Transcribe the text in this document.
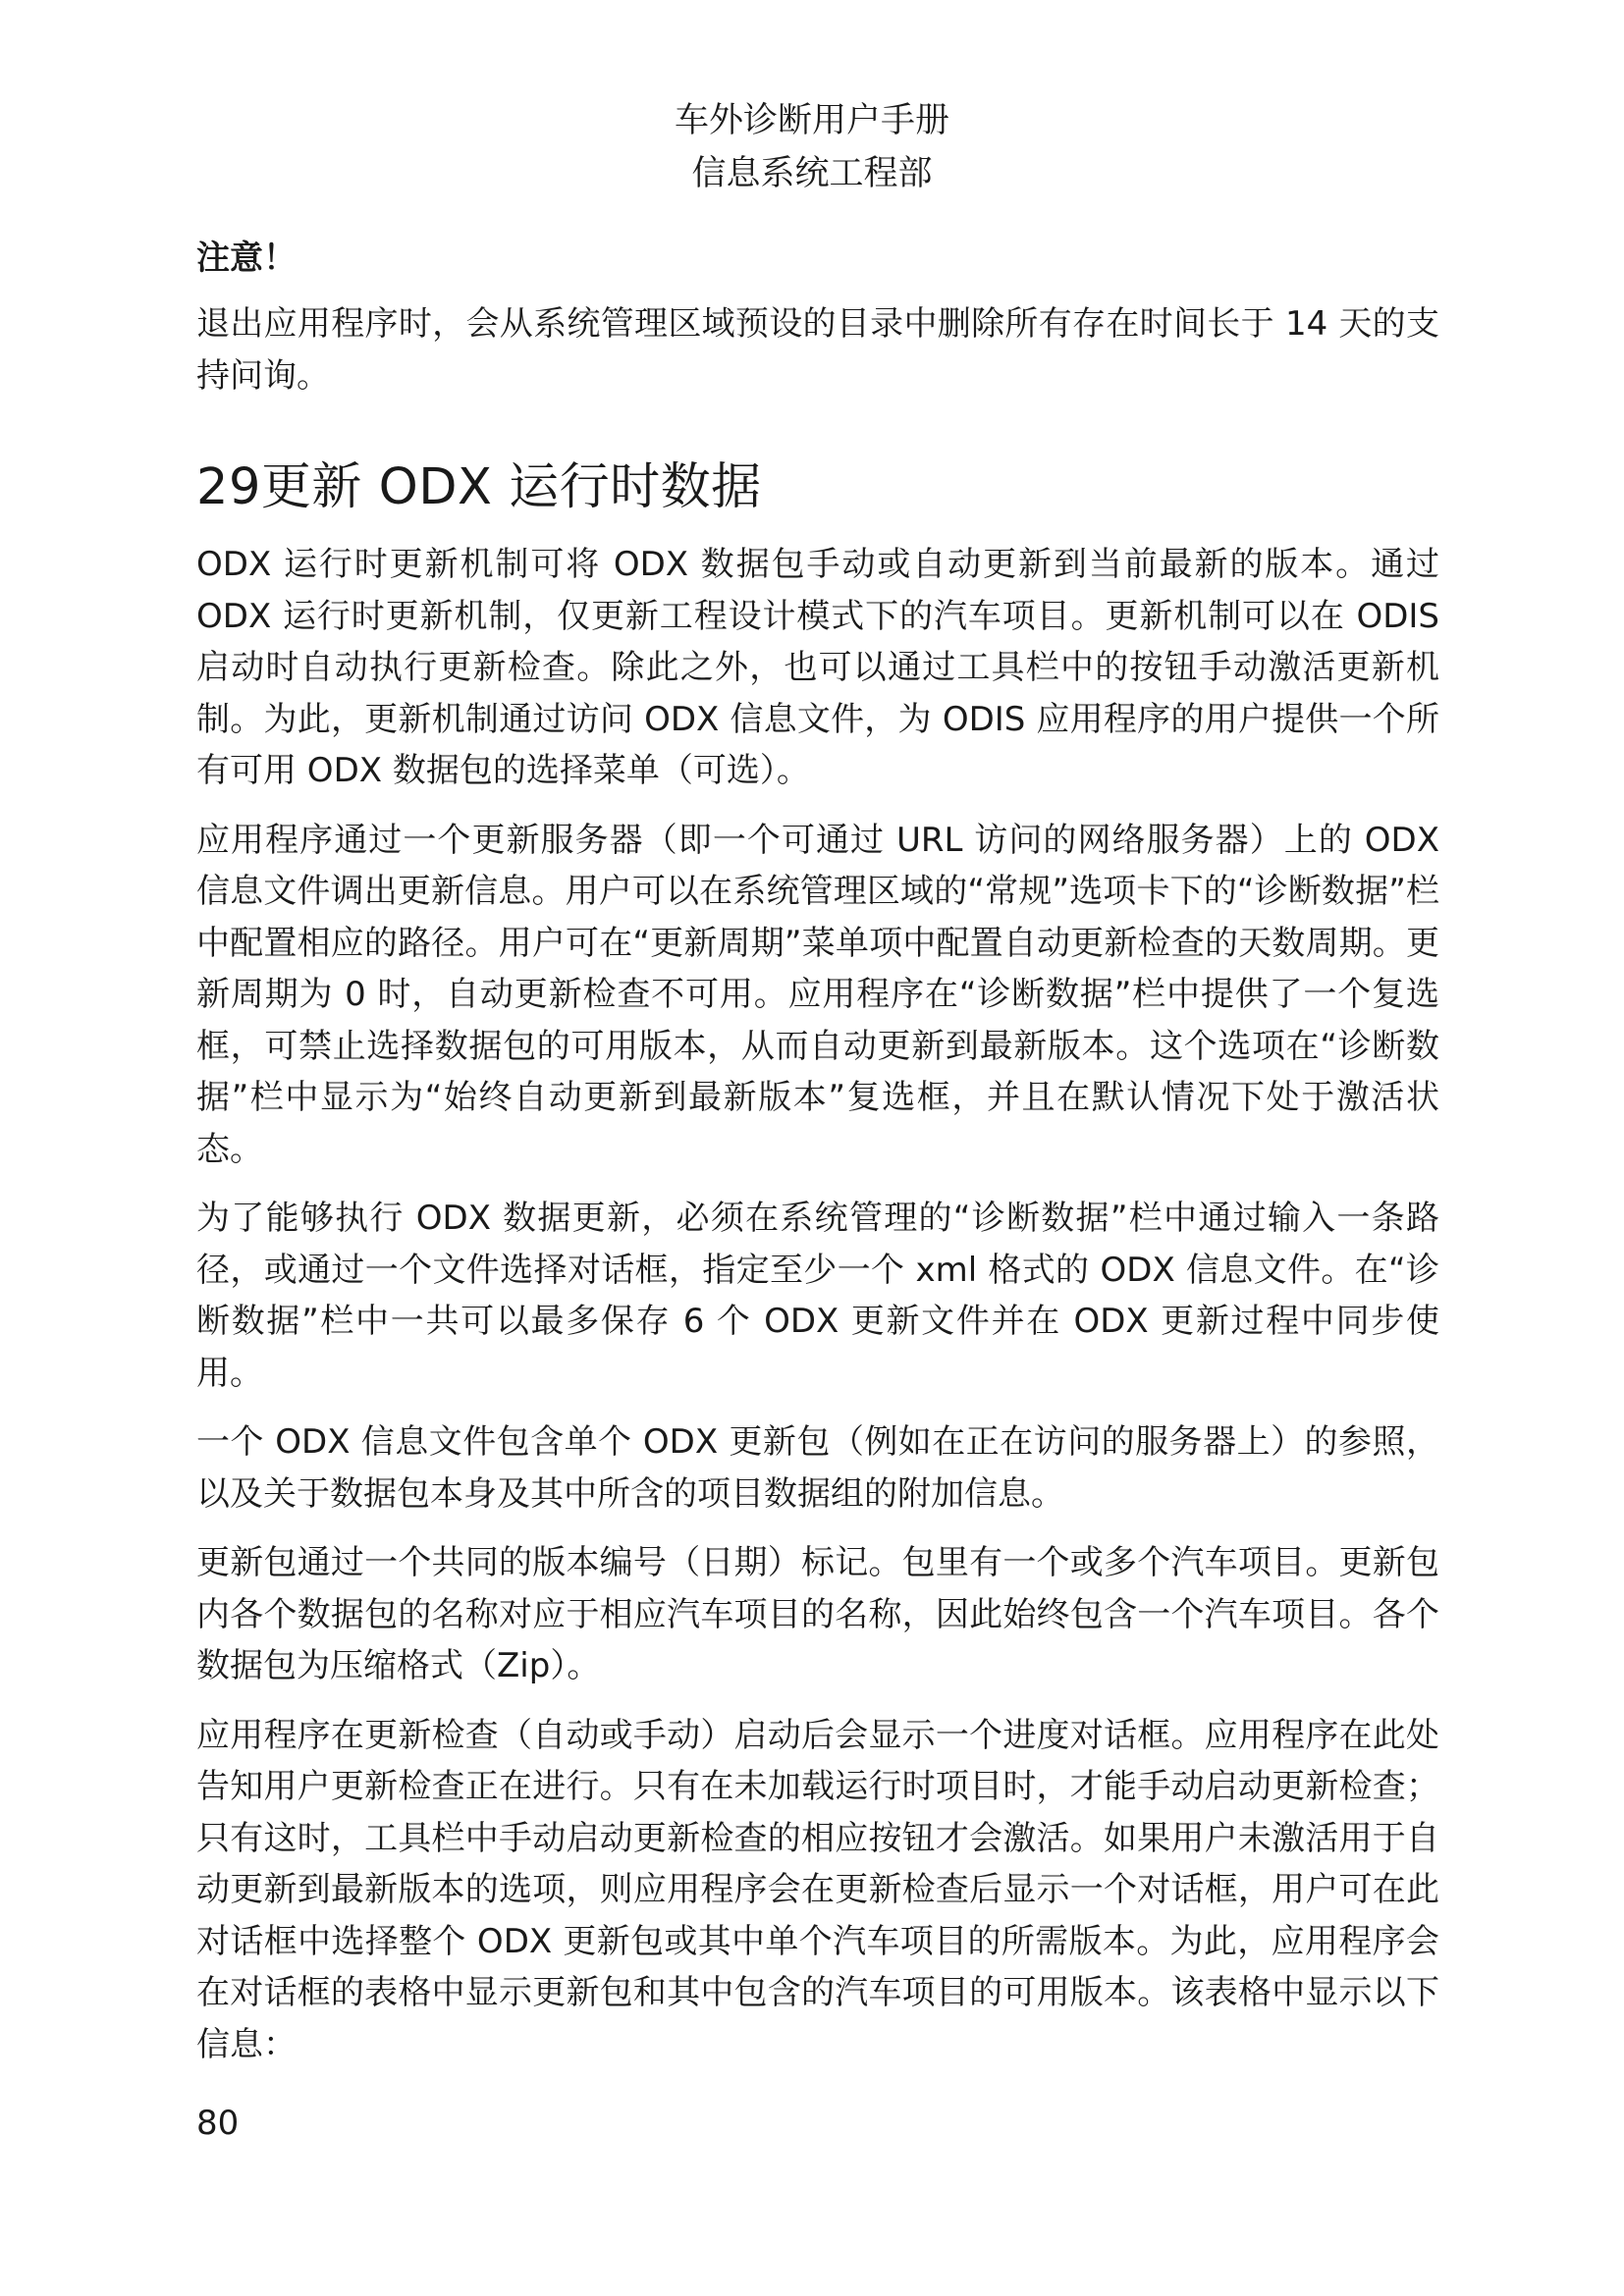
车外诊断用户手册
信息系统工程部
注意！

退出应用程序时，会从系统管理区域预设的目录中删除所有存在时间长于 14 天的支持问询。

29更新 ODX 运行时数据

ODX 运行时更新机制可将 ODX 数据包手动或自动更新到当前最新的版本。通过 ODX 运行时更新机制，仅更新工程设计模式下的汽车项目。更新机制可以在 ODIS 启动时自动执行更新检查。除此之外，也可以通过工具栏中的按钮手动激活更新机制。为此，更新机制通过访问 ODX 信息文件，为 ODIS 应用程序的用户提供一个所有可用 ODX 数据包的选择菜单（可选）。

应用程序通过一个更新服务器（即一个可通过 URL 访问的网络服务器）上的 ODX 信息文件调出更新信息。用户可以在系统管理区域的“常规”选项卡下的“诊断数据”栏中配置相应的路径。用户可在“更新周期”菜单项中配置自动更新检查的天数周期。更新周期为 0 时，自动更新检查不可用。应用程序在“诊断数据”栏中提供了一个复选框，可禁止选择数据包的可用版本，从而自动更新到最新版本。这个选项在“诊断数据”栏中显示为“始终自动更新到最新版本”复选框，并且在默认情况下处于激活状态。

为了能够执行 ODX 数据更新，必须在系统管理的“诊断数据”栏中通过输入一条路径，或通过一个文件选择对话框，指定至少一个 xml 格式的 ODX 信息文件。在“诊断数据”栏中一共可以最多保存 6 个 ODX 更新文件并在 ODX 更新过程中同步使用。

一个 ODX 信息文件包含单个 ODX 更新包（例如在正在访问的服务器上）的参照，以及关于数据包本身及其中所含的项目数据组的附加信息。

更新包通过一个共同的版本编号（日期）标记。包里有一个或多个汽车项目。更新包内各个数据包的名称对应于相应汽车项目的名称，因此始终包含一个汽车项目。各个数据包为压缩格式（Zip）。

应用程序在更新检查（自动或手动）启动后会显示一个进度对话框。应用程序在此处告知用户更新检查正在进行。只有在未加载运行时项目时，才能手动启动更新检查；只有这时，工具栏中手动启动更新检查的相应按钮才会激活。如果用户未激活用于自动更新到最新版本的选项，则应用程序会在更新检查后显示一个对话框，用户可在此对话框中选择整个 ODX 更新包或其中单个汽车项目的所需版本。为此，应用程序会在对话框的表格中显示更新包和其中包含的汽车项目的可用版本。该表格中显示以下信息：

80
